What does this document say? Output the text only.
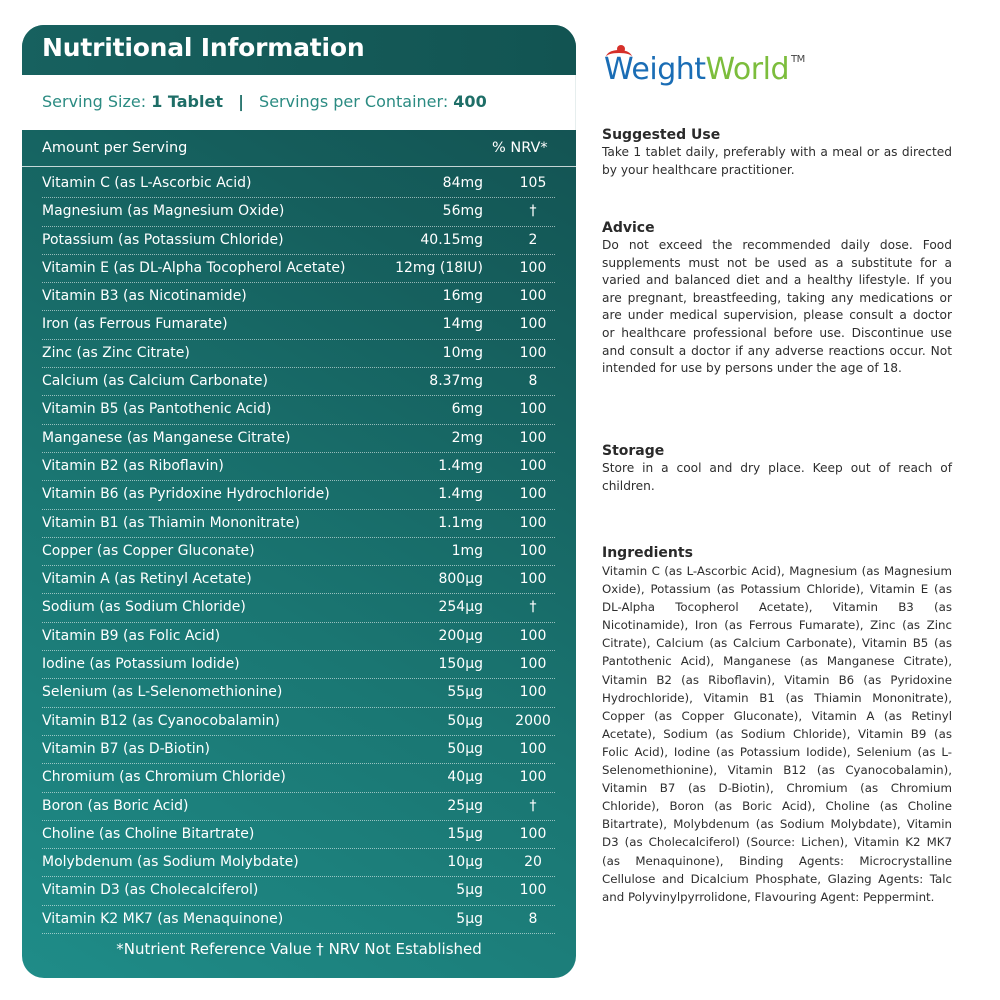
Nutritional Information
Serving Size: 1 Tablet | Servings per Container: 400
Amount per Serving	% NRV*
Vitamin C (as L-Ascorbic Acid)	84mg	105
Magnesium (as Magnesium Oxide)	56mg	†
Potassium (as Potassium Chloride)	40.15mg	2
Vitamin E (as DL-Alpha Tocopherol Acetate)	12mg (18IU)	100
Vitamin B3 (as Nicotinamide)	16mg	100
Iron (as Ferrous Fumarate)	14mg	100
Zinc (as Zinc Citrate)	10mg	100
Calcium (as Calcium Carbonate)	8.37mg	8
Vitamin B5 (as Pantothenic Acid)	6mg	100
Manganese (as Manganese Citrate)	2mg	100
Vitamin B2 (as Riboflavin)	1.4mg	100
Vitamin B6 (as Pyridoxine Hydrochloride)	1.4mg	100
Vitamin B1 (as Thiamin Mononitrate)	1.1mg	100
Copper (as Copper Gluconate)	1mg	100
Vitamin A (as Retinyl Acetate)	800µg	100
Sodium (as Sodium Chloride)	254µg	†
Vitamin B9 (as Folic Acid)	200µg	100
Iodine (as Potassium Iodide)	150µg	100
Selenium (as L-Selenomethionine)	55µg	100
Vitamin B12 (as Cyanocobalamin)	50µg	2000
Vitamin B7 (as D-Biotin)	50µg	100
Chromium (as Chromium Chloride)	40µg	100
Boron (as Boric Acid)	25µg	†
Choline (as Choline Bitartrate)	15µg	100
Molybdenum (as Sodium Molybdate)	10µg	20
Vitamin D3 (as Cholecalciferol)	5µg	100
Vitamin K2 MK7 (as Menaquinone)	5µg	8
*Nutrient Reference Value † NRV Not Established
WeightWorld ™
Suggested Use

Take 1 tablet daily, preferably with a meal or as directed by your healthcare practitioner.

Advice

Do not exceed the recommended daily dose. Food supplements must not be used as a substitute for a varied and balanced diet and a healthy lifestyle. If you are pregnant, breastfeeding, taking any medications or are under medical supervision, please consult a doctor or healthcare professional before use. Discontinue use and consult a doctor if any adverse reactions occur. Not intended for use by persons under the age of 18.

Storage

Store in a cool and dry place. Keep out of reach of children.

Ingredients

Vitamin C (as L-Ascorbic Acid), Magnesium (as Magnesium Oxide), Potassium (as Potassium Chloride), Vitamin E (as DL-Alpha Tocopherol Acetate), Vitamin B3 (as Nicotinamide), Iron (as Ferrous Fumarate), Zinc (as Zinc Citrate), Calcium (as Calcium Carbonate), Vitamin B5 (as Pantothenic Acid), Manganese (as Manganese Citrate), Vitamin B2 (as Riboflavin), Vitamin B6 (as Pyridoxine Hydrochloride), Vitamin B1 (as Thiamin Mononitrate), Copper (as Copper Gluconate), Vitamin A (as Retinyl Acetate), Sodium (as Sodium Chloride), Vitamin B9 (as Folic Acid), Iodine (as Potassium Iodide), Selenium (as L-Selenomethionine), Vitamin B12 (as Cyanocobalamin), Vitamin B7 (as D-Biotin), Chromium (as Chromium Chloride), Boron (as Boric Acid), Choline (as Choline Bitartrate), Molybdenum (as Sodium Molybdate), Vitamin D3 (as Cholecalciferol) (Source: Lichen), Vitamin K2 MK7 (as Menaquinone), Binding Agents: Microcrystalline Cellulose and Dicalcium Phosphate, Glazing Agents: Talc and Polyvinylpyrrolidone, Flavouring Agent: Peppermint.
